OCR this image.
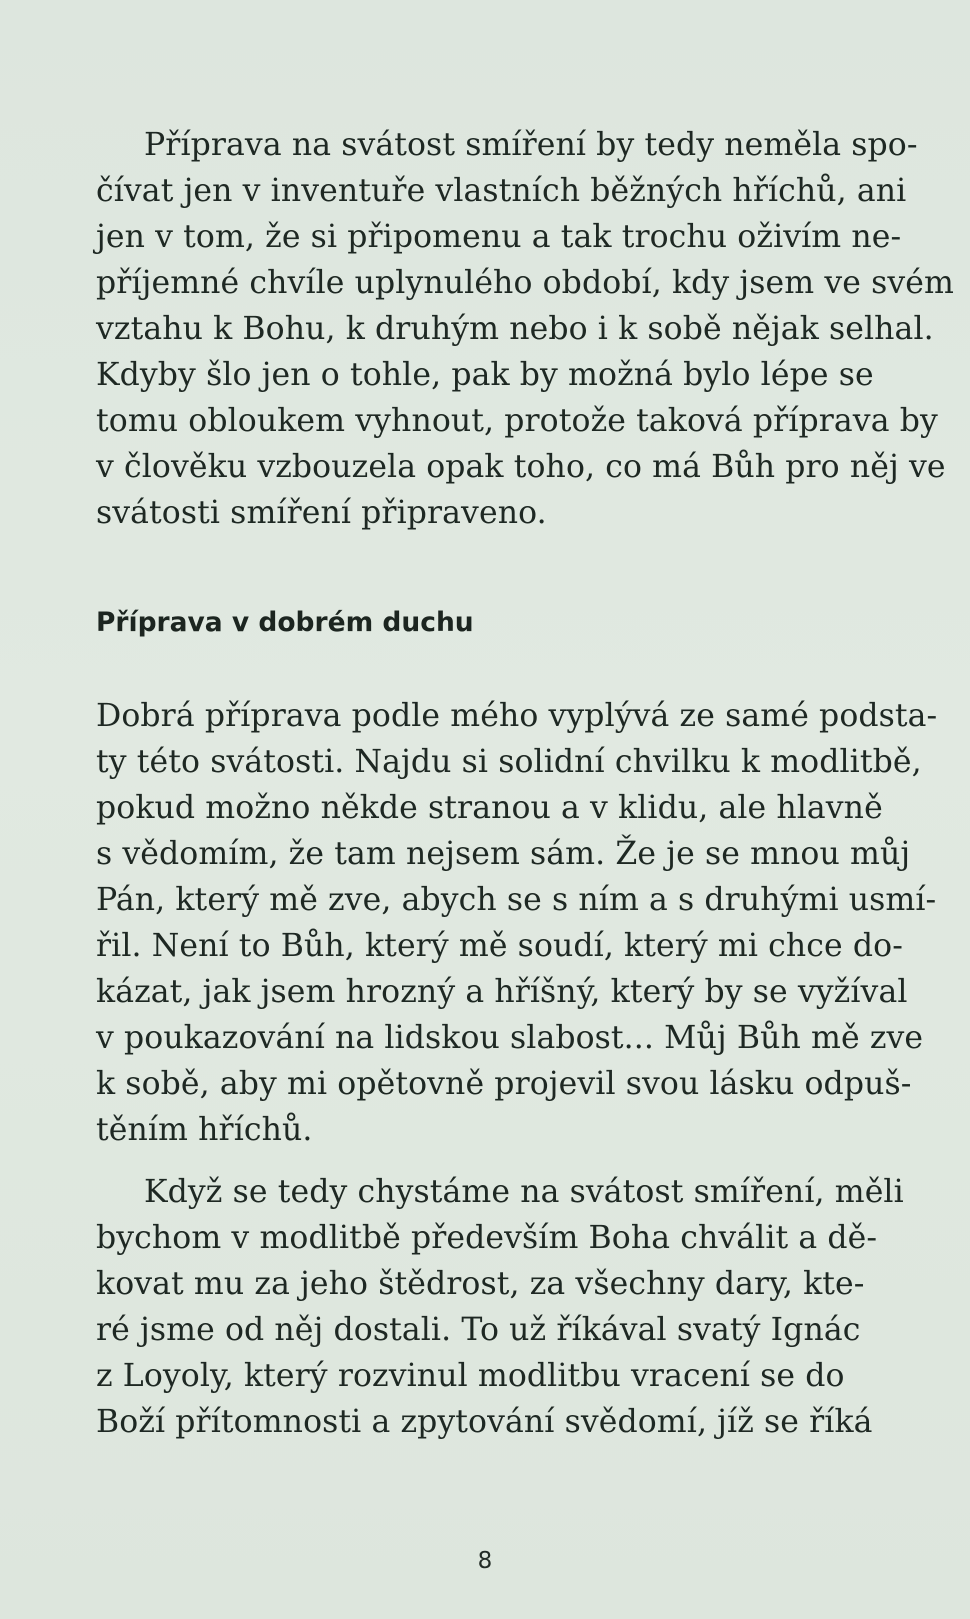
Příprava na svátost smíření by tedy neměla spo-
čívat jen v inventuře vlastních běžných hříchů, ani
jen v tom, že si připomenu a tak trochu oživím ne-
příjemné chvíle uplynulého období, kdy jsem ve svém
vztahu k Bohu, k druhým nebo i k sobě nějak selhal.
Kdyby šlo jen o tohle, pak by možná bylo lépe se
tomu obloukem vyhnout, protože taková příprava by
v člověku vzbouzela opak toho, co má Bůh pro něj ve
svátosti smíření připraveno.

Příprava v dobrém duchu

Dobrá příprava podle mého vyplývá ze samé podsta-
ty této svátosti. Najdu si solidní chvilku k modlitbě,
pokud možno někde stranou a v klidu, ale hlavně
s vědomím, že tam nejsem sám. Že je se mnou můj
Pán, který mě zve, abych se s ním a s druhými usmí-
řil. Není to Bůh, který mě soudí, který mi chce do-
kázat, jak jsem hrozný a hříšný, který by se vyžíval
v poukazování na lidskou slabost... Můj Bůh mě zve
k sobě, aby mi opětovně projevil svou lásku odpuš-
těním hříchů.

Když se tedy chystáme na svátost smíření, měli
bychom v modlitbě především Boha chválit a dě-
kovat mu za jeho štědrost, za všechny dary, kte-
ré jsme od něj dostali. To už říkával svatý Ignác
z Loyoly, který rozvinul modlitbu vracení se do
Boží přítomnosti a zpytování svědomí, jíž se říká

8
